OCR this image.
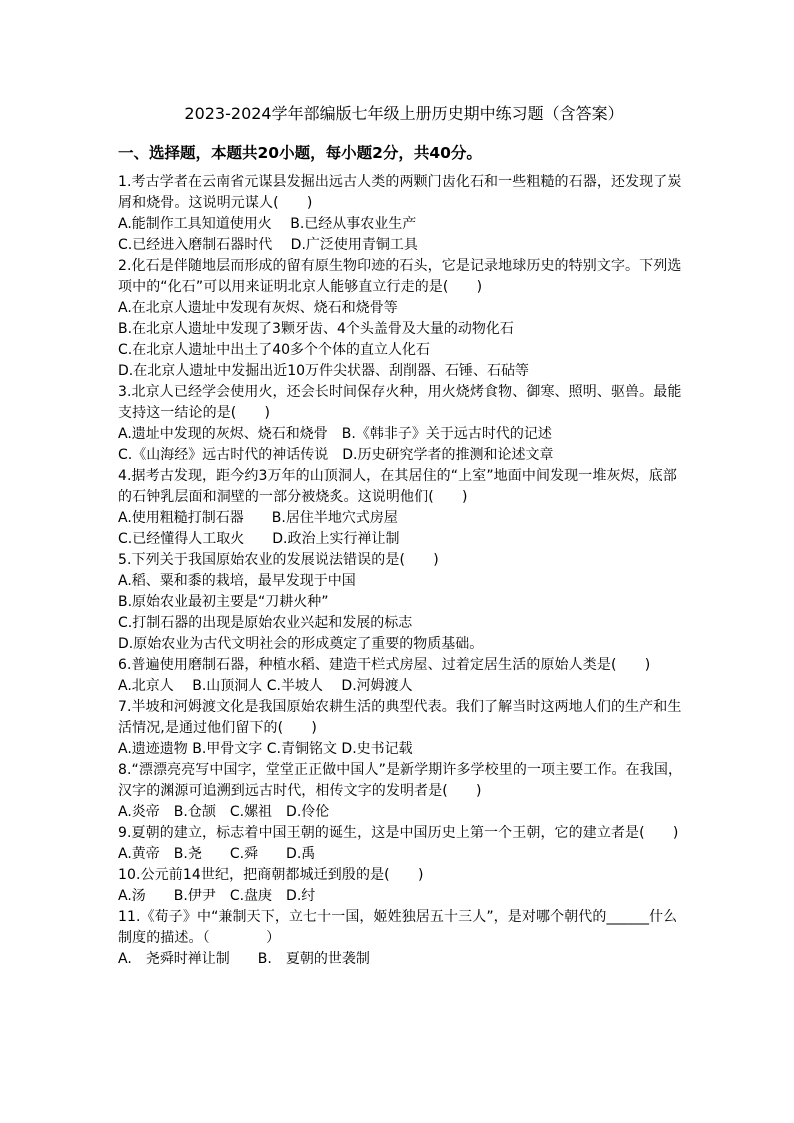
2023-2024学年部编版七年级上册历史期中练习题（含答案）
一、选择题，本题共20小题，每小题2分，共40分。

1.考古学者在云南省元谋县发掘出远古人类的两颗门齿化石和一些粗糙的石器，还发现了炭屑和烧骨。这说明元谋人(　　)

A.能制作工具知道使用火　 B.已经从事农业生产

C.已经进入磨制石器时代　 D.广泛使用青铜工具

2.化石是伴随地层而形成的留有原生物印迹的石头，它是记录地球历史的特别文字。下列选项中的“化石”可以用来证明北京人能够直立行走的是(　　)

A.在北京人遗址中发现有灰烬、烧石和烧骨等

B.在北京人遗址中发现了3颗牙齿、4个头盖骨及大量的动物化石

C.在北京人遗址中出土了40多个个体的直立人化石

D.在北京人遗址中发掘出近10万件尖状器、刮削器、石锤、石砧等

3.北京人已经学会使用火，还会长时间保存火种，用火烧烤食物、御寒、照明、驱兽。最能支持这一结论的是(　　)

A.遗址中发现的灰烬、烧石和烧骨　B.《韩非子》关于远古时代的记述

C.《山海经》远古时代的神话传说　D.历史研究学者的推测和论述文章

4.据考古发现，距今约3万年的山顶洞人，在其居住的“上室”地面中间发现一堆灰烬，底部的石钟乳层面和洞壁的一部分被烧炙。这说明他们(　　)

A.使用粗糙打制石器　　B.居住半地穴式房屋

C.已经懂得人工取火　　D.政治上实行禅让制

5.下列关于我国原始农业的发展说法错误的是(　　)

A.稻、粟和黍的栽培，最早发现于中国

B.原始农业最初主要是“刀耕火种”

C.打制石器的出现是原始农业兴起和发展的标志

D.原始农业为古代文明社会的形成奠定了重要的物质基础。

6.普遍使用磨制石器，种植水稻、建造干栏式房屋、过着定居生活的原始人类是(　　)

A.北京人　 B.山顶洞人 C.半坡人　 D.河姆渡人

7.半坡和河姆渡文化是我国原始农耕生活的典型代表。我们了解当时这两地人们的生产和生活情况,是通过他们留下的(　　)

A.遗迹遗物 B.甲骨文字 C.青铜铭文 D.史书记载

8.“漂漂亮亮写中国字，堂堂正正做中国人”是新学期许多学校里的一项主要工作。在我国，汉字的渊源可追溯到远古时代，相传文字的发明者是(　　)

A.炎帝　B.仓颉　C.嫘祖　D.伶伦

9.夏朝的建立，标志着中国王朝的诞生，这是中国历史上第一个王朝，它的建立者是(　　)

A.黄帝　B.尧　　C.舜　　D.禹

10.公元前14世纪，把商朝都城迁到殷的是(　　)

A.汤　　B.伊尹　C.盘庚　D.纣

11.《荀子》中“兼制天下，立七十一国，姬姓独居五十三人”，是对哪个朝代的______什么制度的描述。（　　　　）

A.　尧舜时禅让制　　B.　夏朝的世袭制
